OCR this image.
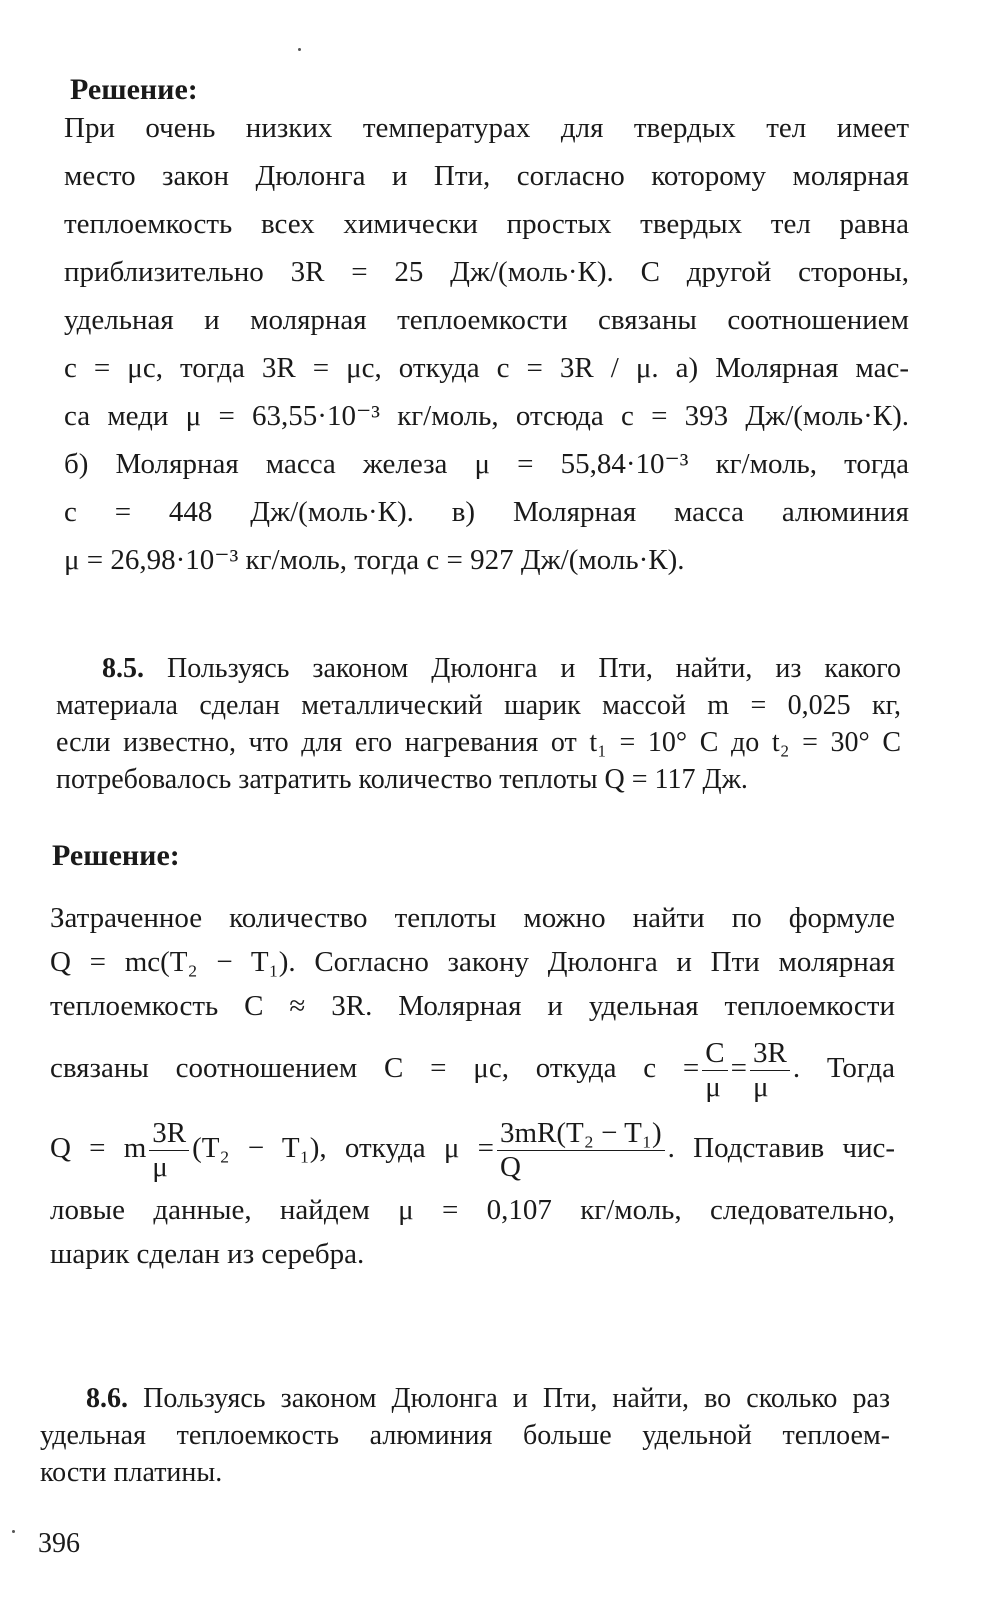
Решение:
При очень низких температурах для твердых тел имеет
место закон Дюлонга и Пти, согласно которому молярная
теплоемкость всех химически простых твердых тел равна
приблизительно 3R = 25 Дж/(моль·К). С другой стороны,
удельная и молярная теплоемкости связаны соотношением
c = μc, тогда 3R = μc, откуда c = 3R / μ. а) Молярная мас-
са меди μ = 63,55·10⁻³ кг/моль, отсюда c = 393 Дж/(моль·К).
б) Молярная масса железа μ = 55,84·10⁻³ кг/моль, тогда
c = 448 Дж/(моль·К). в) Молярная масса алюминия
μ = 26,98·10⁻³ кг/моль, тогда c = 927 Дж/(моль·К).
8.5. Пользуясь законом Дюлонга и Пти, найти, из какого
материала сделан металлический шарик массой m = 0,025 кг,
если известно, что для его нагревания от t₁ = 10° С до t₂ = 30° С
потребовалось затратить количество теплоты Q = 117 Дж.
Решение:
Затраченное количество теплоты можно найти по формуле
Q = mc(T₂ − T₁). Согласно закону Дюлонга и Пти молярная
теплоемкость C ≈ 3R. Молярная и удельная теплоемкости
связаны соотношением C = μc, откуда $c = \frac{C}{\mu} = \frac{3R}{\mu}$ . Тогда
Q = m $\frac{3R}{\mu} (T_2 - T_1)$, откуда $\mu = \frac{\text{3mR(T₂ − T₁)}}{Q}$ . Подставив чис-
ловые данные, найдем μ = 0,107 кг/моль, следовательно,
шарик сделан из серебра.
8.6. Пользуясь законом Дюлонга и Пти, найти, во сколько раз
удельная теплоемкость алюминия больше удельной теплоем-
кости платины.
396
